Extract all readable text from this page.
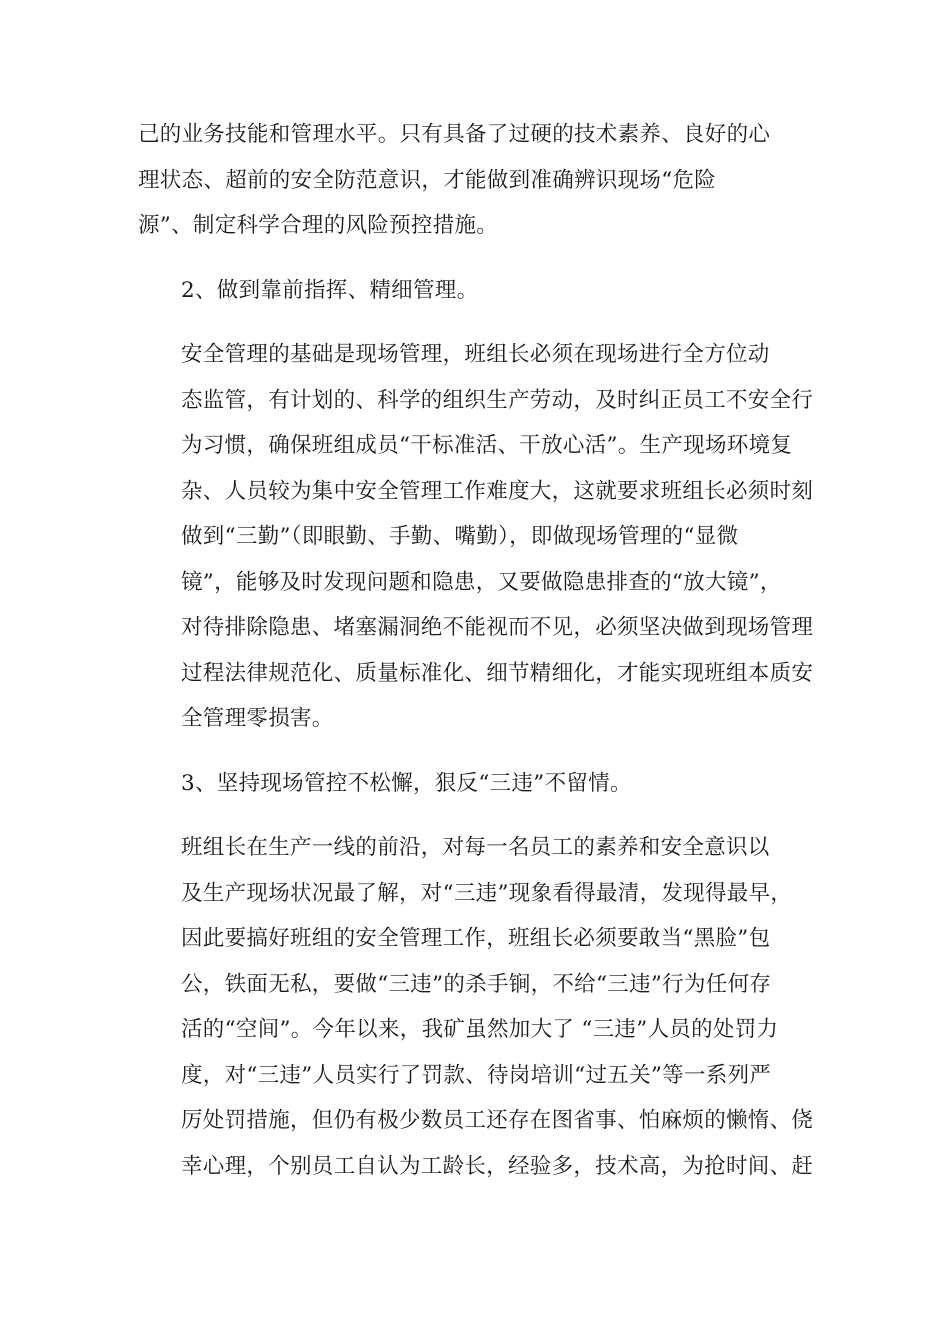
己的业务技能和管理水平。只有具备了过硬的技术素养、良好的心
理状态、超前的安全防范意识，才能做到准确辨识现场“危险
源”、制定科学合理的风险预控措施。

2、做到靠前指挥、精细管理。

安全管理的基础是现场管理，班组长必须在现场进行全方位动
态监管，有计划的、科学的组织生产劳动，及时纠正员工不安全行
为习惯，确保班组成员“干标准活、干放心活”。生产现场环境复
杂、人员较为集中安全管理工作难度大，这就要求班组长必须时刻
做到“三勤”（即眼勤、手勤、嘴勤），即做现场管理的“显微
镜”，能够及时发现问题和隐患，又要做隐患排查的“放大镜”，
对待排除隐患、堵塞漏洞绝不能视而不见，必须坚决做到现场管理
过程法律规范化、质量标准化、细节精细化，才能实现班组本质安
全管理零损害。

3、坚持现场管控不松懈，狠反“三违”不留情。

班组长在生产一线的前沿，对每一名员工的素养和安全意识以
及生产现场状况最了解，对“三违”现象看得最清，发现得最早，
因此要搞好班组的安全管理工作，班组长必须要敢当“黑脸”包
公，铁面无私，要做“三违”的杀手锏，不给“三违”行为任何存
活的“空间”。今年以来，我矿虽然加大了 “三违”人员的处罚力
度，对“三违”人员实行了罚款、待岗培训“过五关”等一系列严
厉处罚措施，但仍有极少数员工还存在图省事、怕麻烦的懒惰、侥
幸心理，个别员工自认为工龄长，经验多，技术高，为抢时间、赶
